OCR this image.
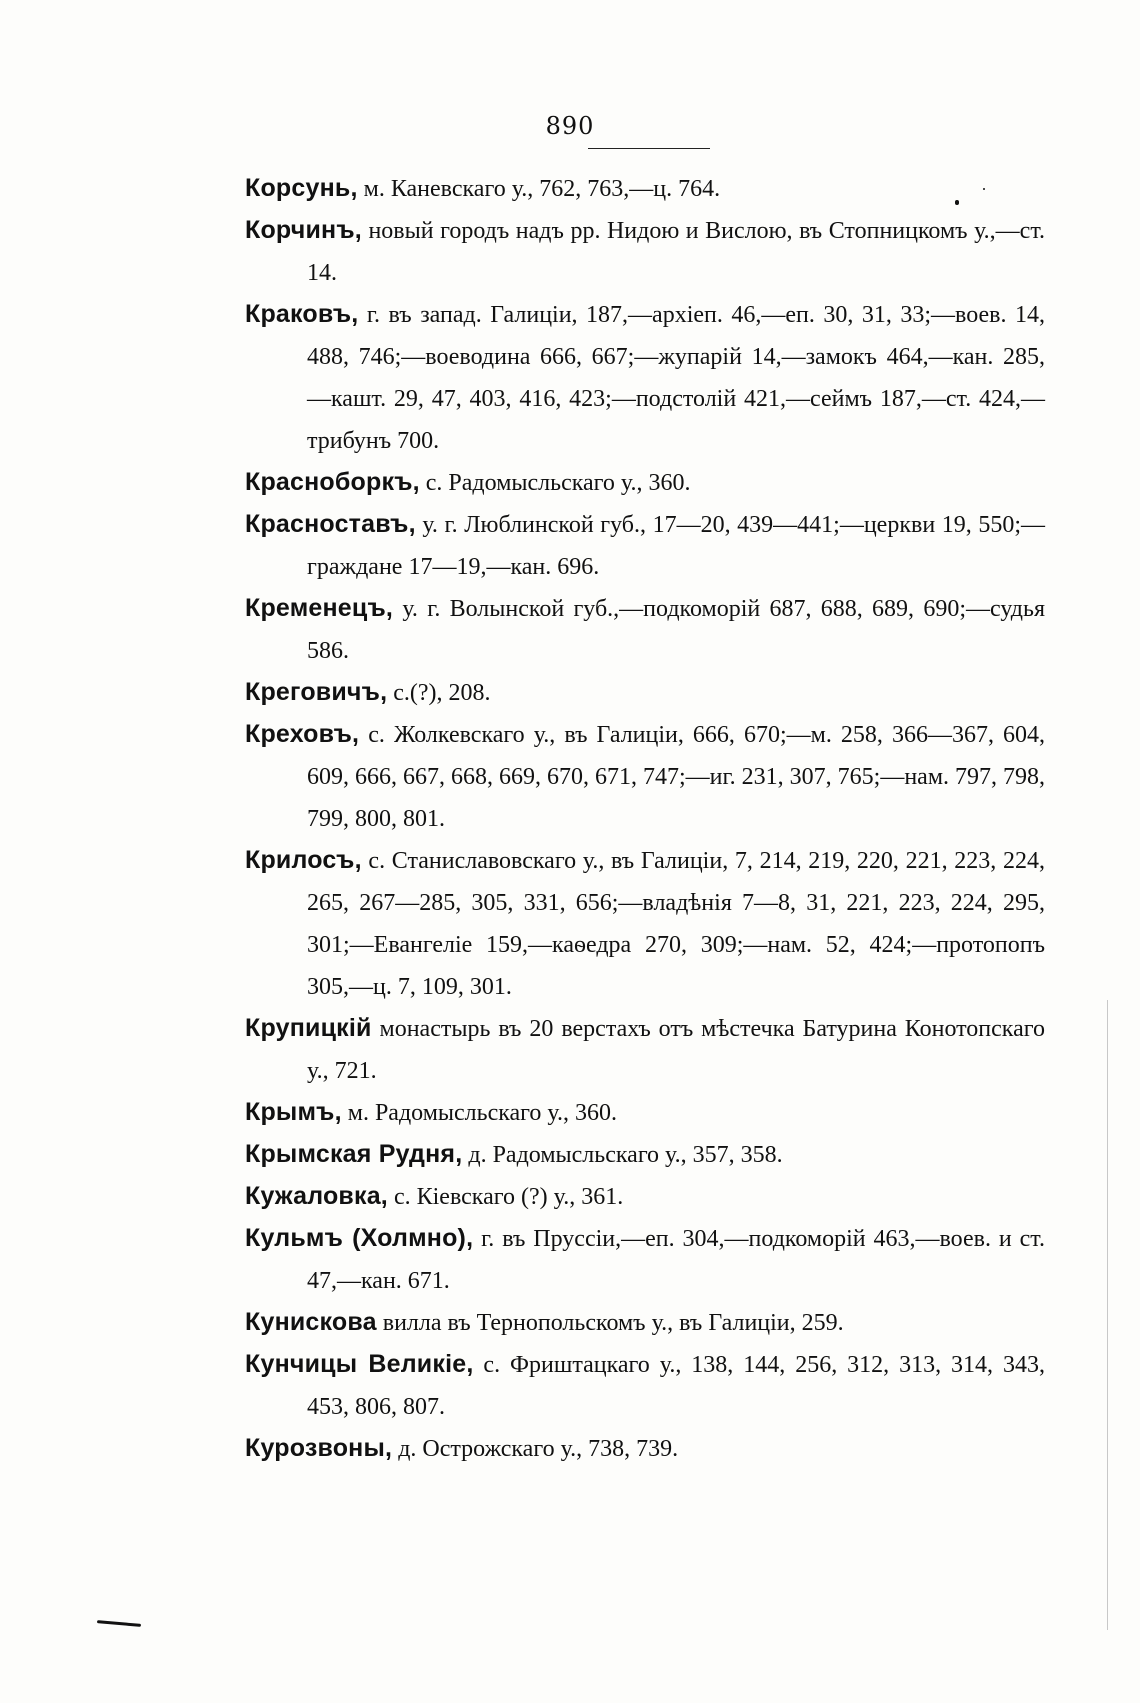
890
Корсунь, м. Каневскаго у., 762, 763,—ц. 764.
Корчинъ, новый городъ надъ рр. Нидою и Вислою, въ Стопницкомъ у.,—ст. 14.
Краковъ, г. въ запад. Галиціи, 187,—архіеп. 46,—еп. 30, 31, 33;—воев. 14, 488, 746;—воеводина 666, 667;—жупарій 14,—замокъ 464,—кан. 285,—кашт. 29, 47, 403, 416, 423;—подстолій 421,—сеймъ 187,—ст. 424,—трибунъ 700.
Красноборкъ, с. Радомысльскаго у., 360.
Красноставъ, у. г. Люблинской губ., 17—20, 439—441;—церкви 19, 550;—граждане 17—19,—кан. 696.
Кременецъ, у. г. Волынской губ.,—подкоморій 687, 688, 689, 690;—судья 586.
Креговичъ, с.(?), 208.
Креховъ, с. Жолкевскаго у., въ Галиціи, 666, 670;—м. 258, 366—367, 604, 609, 666, 667, 668, 669, 670, 671, 747;—иг. 231, 307, 765;—нам. 797, 798, 799, 800, 801.
Крилосъ, с. Станиславовскаго у., въ Галиціи, 7, 214, 219, 220, 221, 223, 224, 265, 267—285, 305, 331, 656;—владѣнія 7—8, 31, 221, 223, 224, 295, 301;—Евангеліе 159,—каѳедра 270, 309;—нам. 52, 424;—протопопъ 305,—ц. 7, 109, 301.
Крупицкій монастырь въ 20 верстахъ отъ мѣстечка Батурина Конотопскаго у., 721.
Крымъ, м. Радомысльскаго у., 360.
Крымская Рудня, д. Радомысльскаго у., 357, 358.
Кужаловка, с. Кіевскаго (?) у., 361.
Кульмъ (Холмно), г. въ Пруссіи,—еп. 304,—подкоморій 463,—воев. и ст. 47,—кан. 671.
Кунискова вилла въ Тернопольскомъ у., въ Галиціи, 259.
Кунчицы Великіе, с. Фриштацкаго у., 138, 144, 256, 312, 313, 314, 343, 453, 806, 807.
Курозвоны, д. Острожскаго у., 738, 739.
